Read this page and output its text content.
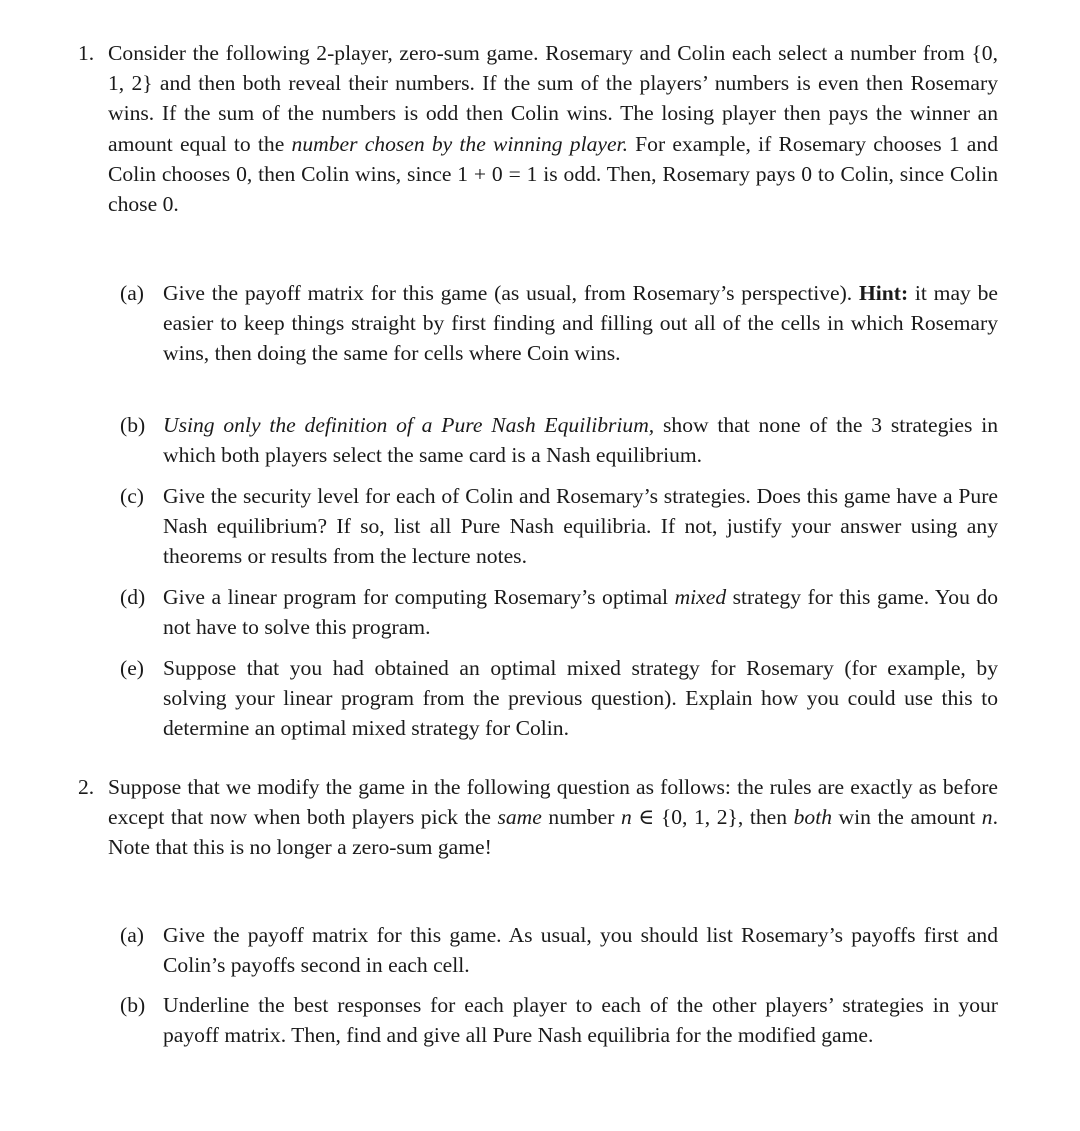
1. Consider the following 2-player, zero-sum game. Rosemary and Colin each select a number from {0, 1, 2} and then both reveal their numbers. If the sum of the players’ numbers is even then Rosemary wins. If the sum of the numbers is odd then Colin wins. The losing player then pays the winner an amount equal to the number chosen by the winning player. For example, if Rosemary chooses 1 and Colin chooses 0, then Colin wins, since 1 + 0 = 1 is odd. Then, Rosemary pays 0 to Colin, since Colin chose 0.
(a) Give the payoff matrix for this game (as usual, from Rosemary’s perspective). Hint: it may be easier to keep things straight by first finding and filling out all of the cells in which Rosemary wins, then doing the same for cells where Coin wins.
(b) Using only the definition of a Pure Nash Equilibrium, show that none of the 3 strategies in which both players select the same card is a Nash equilibrium.
(c) Give the security level for each of Colin and Rosemary’s strategies. Does this game have a Pure Nash equilibrium? If so, list all Pure Nash equilibria. If not, justify your answer using any theorems or results from the lecture notes.
(d) Give a linear program for computing Rosemary’s optimal mixed strategy for this game. You do not have to solve this program.
(e) Suppose that you had obtained an optimal mixed strategy for Rosemary (for example, by solving your linear program from the previous question). Explain how you could use this to determine an optimal mixed strategy for Colin.
2. Suppose that we modify the game in the following question as follows: the rules are exactly as before except that now when both players pick the same number n ∈ {0, 1, 2}, then both win the amount n. Note that this is no longer a zero-sum game!
(a) Give the payoff matrix for this game. As usual, you should list Rosemary’s payoffs first and Colin’s payoffs second in each cell.
(b) Underline the best responses for each player to each of the other players’ strategies in your payoff matrix. Then, find and give all Pure Nash equilibria for the modified game.
